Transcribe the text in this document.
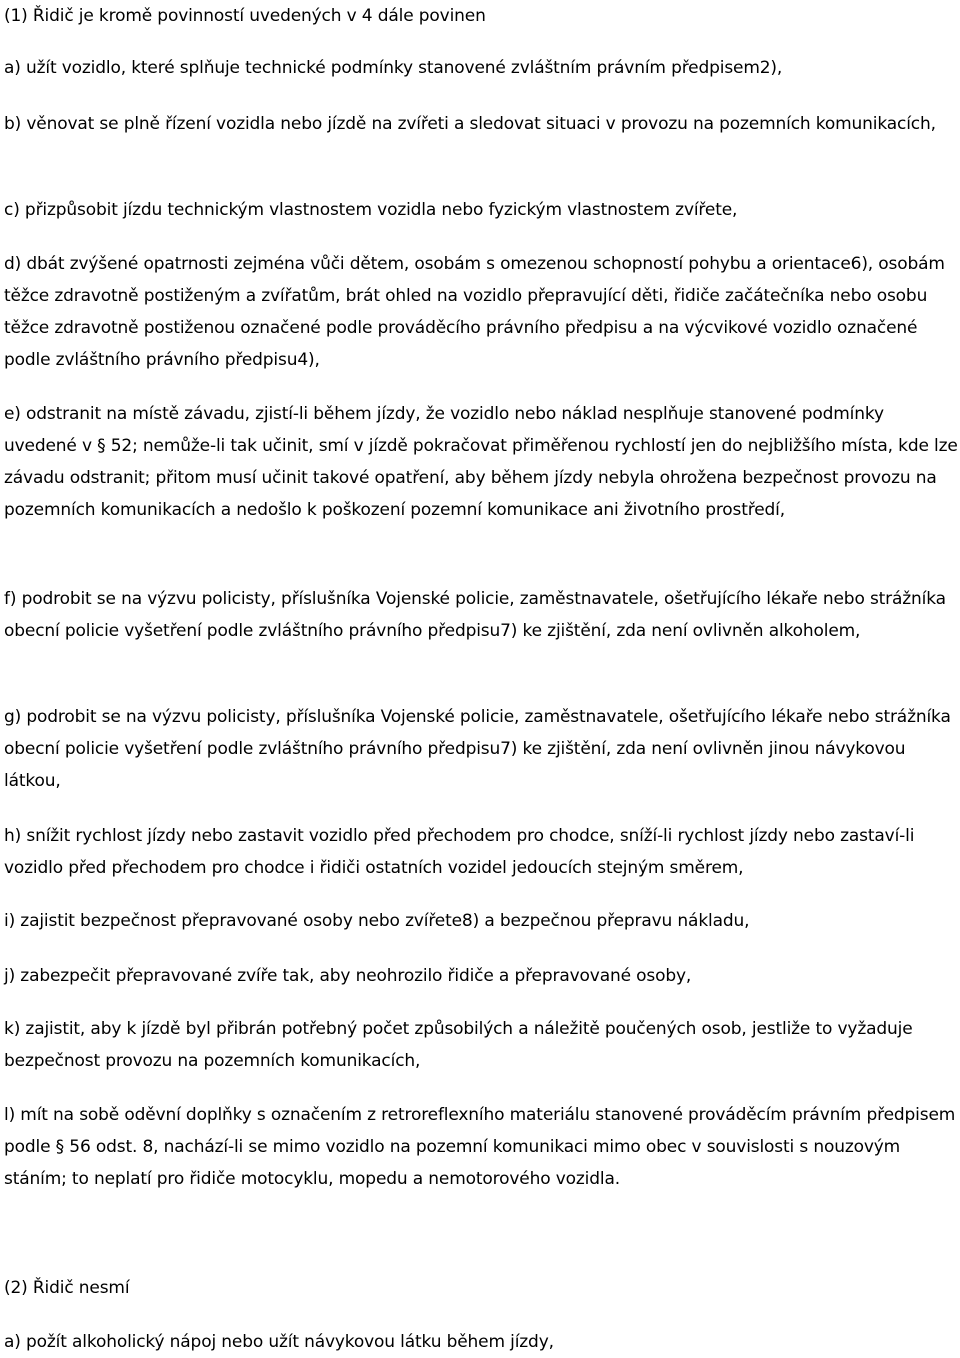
(1) Řidič je kromě povinností uvedených v 4 dále povinen

a) užít vozidlo, které splňuje technické podmínky stanovené zvláštním právním předpisem2),

b) věnovat se plně řízení vozidla nebo jízdě na zvířeti a sledovat situaci v provozu na pozemních komunikacích,

c) přizpůsobit jízdu technickým vlastnostem vozidla nebo fyzickým vlastnostem zvířete,

d) dbát zvýšené opatrnosti zejména vůči dětem, osobám s omezenou schopností pohybu a orientace6), osobám těžce zdravotně postiženým a zvířatům, brát ohled na vozidlo přepravující děti, řidiče začátečníka nebo osobu těžce zdravotně postiženou označené podle prováděcího právního předpisu a na výcvikové vozidlo označené podle zvláštního právního předpisu4),

e) odstranit na místě závadu, zjistí-li během jízdy, že vozidlo nebo náklad nesplňuje stanovené podmínky uvedené v § 52; nemůže-li tak učinit, smí v jízdě pokračovat přiměřenou rychlostí jen do nejbližšího místa, kde lze závadu odstranit; přitom musí učinit takové opatření, aby během jízdy nebyla ohrožena bezpečnost provozu na pozemních komunikacích a nedošlo k poškození pozemní komunikace ani životního prostředí,

f) podrobit se na výzvu policisty, příslušníka Vojenské policie, zaměstnavatele, ošetřujícího lékaře nebo strážníka obecní policie vyšetření podle zvláštního právního předpisu7) ke zjištění, zda není ovlivněn alkoholem,

g) podrobit se na výzvu policisty, příslušníka Vojenské policie, zaměstnavatele, ošetřujícího lékaře nebo strážníka obecní policie vyšetření podle zvláštního právního předpisu7) ke zjištění, zda není ovlivněn jinou návykovou látkou,

h) snížit rychlost jízdy nebo zastavit vozidlo před přechodem pro chodce, sníží-li rychlost jízdy nebo zastaví-li vozidlo před přechodem pro chodce i řidiči ostatních vozidel jedoucích stejným směrem,

i) zajistit bezpečnost přepravované osoby nebo zvířete8) a bezpečnou přepravu nákladu,

j) zabezpečit přepravované zvíře tak, aby neohrozilo řidiče a přepravované osoby,

k) zajistit, aby k jízdě byl přibrán potřebný počet způsobilých a náležitě poučených osob, jestliže to vyžaduje bezpečnost provozu na pozemních komunikacích,

l) mít na sobě oděvní doplňky s označením z retroreflexního materiálu stanovené prováděcím právním předpisem podle § 56 odst. 8, nachází-li se mimo vozidlo na pozemní komunikaci mimo obec v souvislosti s nouzovým stáním; to neplatí pro řidiče motocyklu, mopedu a nemotorového vozidla.

(2) Řidič nesmí

a) požít alkoholický nápoj nebo užít návykovou látku během jízdy,
